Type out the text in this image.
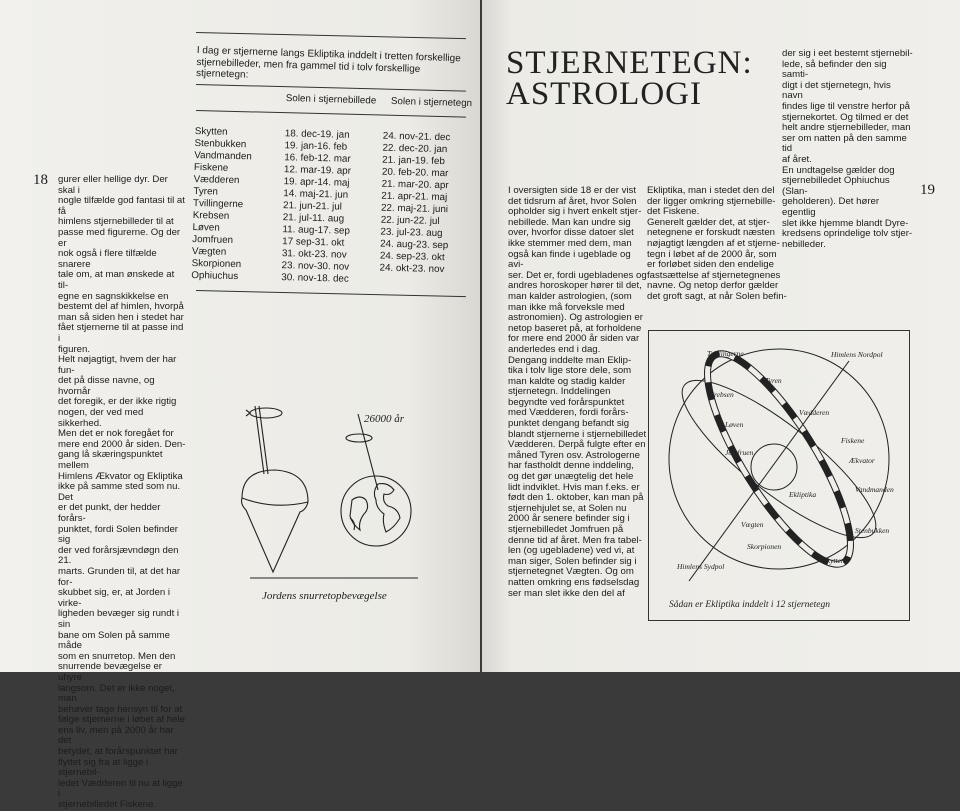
18
I dag er stjernerne langs Ekliptika inddelt i tretten forskellige stjernebilleder, men fra gammel tid i tolv forskellige stjernetegn:
Solen i stjernebillede Solen i stjernetegn
Skytten	18. dec-19. jan	24. nov-21. dec
Stenbukken	19. jan-16. feb	22. dec-20. jan
Vandmanden	16. feb-12. mar	21. jan-19. feb
Fiskene	12. mar-19. apr	20. feb-20. mar
Vædderen	19. apr-14. maj	21. mar-20. apr
Tyren	14. maj-21. jun	21. apr-21. maj
Tvillingerne	21. jun-21. jul	22. maj-21. juni
Krebsen	21. jul-11. aug	22. jun-22. jul
Løven	11. aug-17. sep	23. jul-23. aug
Jomfruen	17 sep-31. okt	24. aug-23. sep
Vægten	31. okt-23. nov	24. sep-23. okt
Skorpionen	23. nov-30. nov	24. okt-23. nov
Ophiuchus	30. nov-18. dec

gurer eller hellige dyr. Der skal i

nogle tilfælde god fantasi til at få

himlens stjernebilleder til at

passe med figurerne. Og der er

nok også i flere tilfælde snarere

tale om, at man ønskede at til-

egne en sagnskikkelse en

bestemt del af himlen, hvorpå

man så siden hen i stedet har

fået stjernerne til at passe ind i

figuren.

Helt nøjagtigt, hvem der har fun-

det på disse navne, og hvornår

det foregik, er der ikke rigtig

nogen, der ved med sikkerhed.

Men det er nok foregået for

mere end 2000 år siden. Den-

gang lå skæringspunktet mellem

Himlens Ækvator og Ekliptika

ikke på samme sted som nu. Det

er det punkt, der hedder forårs-

punktet, fordi Solen befinder sig

der ved forårsjævndøgn den 21.

marts. Grunden til, at det har for-

skubbet sig, er, at Jorden i virke-

ligheden bevæger sig rundt i sin

bane om Solen på samme måde

som en snurretop. Men den

snurrende bevægelse er uhyre

langsom. Det er ikke noget, man

behøver tage hensyn til for at

følge stjernerne i løbet af hele

ens liv, men på 2000 år har det

betydet, at forårspunktet har

flyttet sig fra at ligge i stjernebil-

ledet Vædderen til nu at ligge i

stjernebilledet Fiskene.

26000 år
Jordens snurretopbevægelse
STJERNETEGN:
ASTROLOGI
19

I oversigten side 18 er der vist

det tidsrum af året, hvor Solen

opholder sig i hvert enkelt stjer-

nebillede. Man kan undre sig

over, hvorfor disse datoer slet

ikke stemmer med dem, man

også kan finde i ugeblade og avi-

ser. Det er, fordi ugebladenes og

andres horoskoper hører til det,

man kalder astrologien, (som

man ikke må forveksle med

astronomien). Og astrologien er

netop baseret på, at forholdene

for mere end 2000 år siden var

anderledes end i dag.

Dengang inddelte man Eklip-

tika i tolv lige store dele, som

man kaldte og stadig kalder

stjernetegn. Inddelingen

begyndte ved forårspunktet

med Vædderen, fordi forårs-

punktet dengang befandt sig

blandt stjernerne i stjernebilledet

Vædderen. Derpå fulgte efter en

måned Tyren osv. Astrologerne

har fastholdt denne inddeling,

og det gør unægtelig det hele

lidt indviklet. Hvis man f.eks. er

født den 1. oktober, kan man på

stjernehjulet se, at Solen nu

2000 år senere befinder sig i

stjernebilledet Jomfruen på

denne tid af året. Men fra tabel-

len (og ugebladene) ved vi, at

man siger, Solen befinder sig i

stjernetegnet Vægten. Og om

natten omkring ens fødselsdag

ser man slet ikke den del af

Ekliptika, man i stedet den del

der ligger omkring stjernebille-

det Fiskene.

Generelt gælder det, at stjer-

netegnene er forskudt næsten

nøjagtigt længden af et stjerne-

tegn i løbet af de 2000 år, som

er forløbet siden den endelige

fastsættelse af stjernetegnenes

navne. Og netop derfor gælder

det groft sagt, at når Solen befin-

der sig i eet bestemt stjernebil-

lede, så befinder den sig samti-

digt i det stjernetegn, hvis navn

findes lige til venstre herfor på

stjernekortet. Og tilmed er det

helt andre stjernebilleder, man

ser om natten på den samme tid

af året.

En undtagelse gælder dog

stjernebilledet Ophiuchus (Slan-

geholderen). Det hører egentlig

slet ikke hjemme blandt Dyre-

kredsens oprindelige tolv stjer-

nebilleder.

Tvillingerne	Himlens Nordpol
Tyren
Krebsen
Vædderen
Løven
Fiskene
Jomfruen
Ækvator
Ekliptika
Vandmanden
Vægten
Stenbukken
Skorpionen
Himlens Sydpol
Skytten
Sådan er Ekliptika inddelt i 12 stjernetegn
